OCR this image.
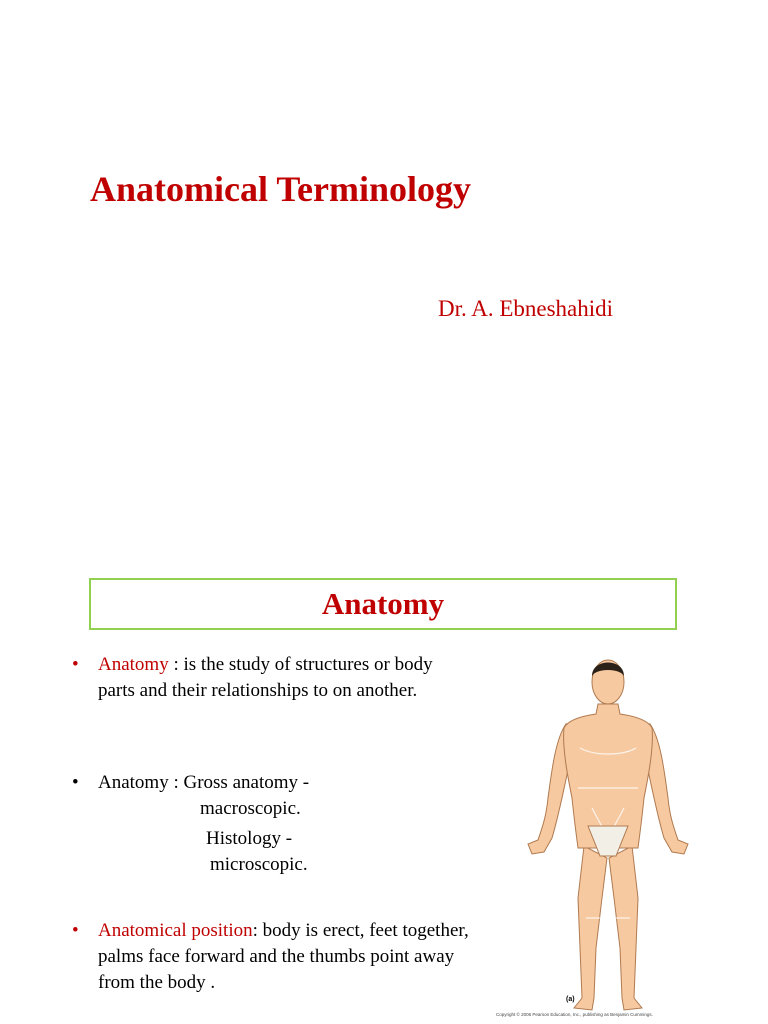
Anatomical Terminology
Dr. A. Ebneshahidi
Anatomy
• Anatomy : is the study of structures or body parts and their relationships to on another.
• Anatomy : Gross anatomy -
macroscopic.
Histology -
microscopic.
• Anatomical position: body is erect, feet together, palms face forward and the thumbs point away from the body .
(a)
Copyright © 2006 Pearson Education, Inc., publishing as Benjamin Cummings.
